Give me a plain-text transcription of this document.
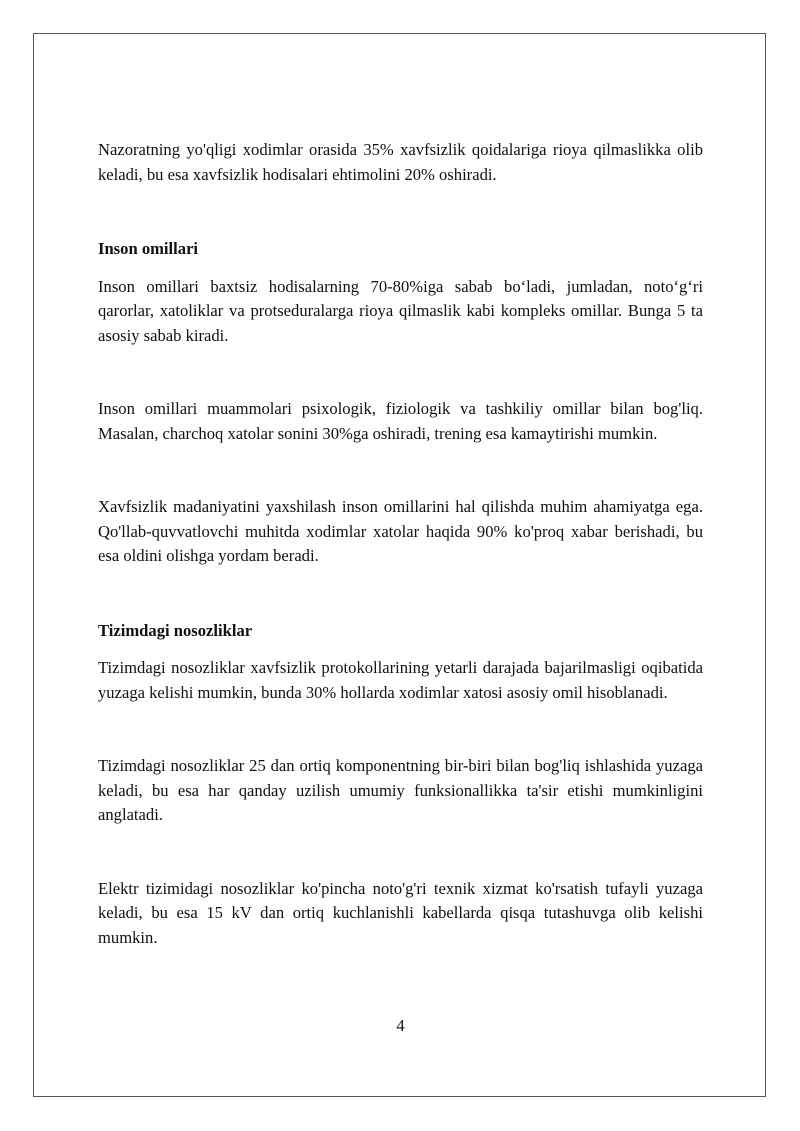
Nazoratning yo'qligi xodimlar orasida 35% xavfsizlik qoidalariga rioya qilmaslikka olib keladi, bu esa xavfsizlik hodisalari ehtimolini 20% oshiradi.

Inson omillari

Inson omillari baxtsiz hodisalarning 70-80%iga sabab bo‘ladi, jumladan, noto‘g‘ri qarorlar, xatoliklar va protseduralarga rioya qilmaslik kabi kompleks omillar. Bunga 5 ta asosiy sabab kiradi.

Inson omillari muammolari psixologik, fiziologik va tashkiliy omillar bilan bog'liq. Masalan, charchoq xatolar sonini 30%ga oshiradi, trening esa kamaytirishi mumkin.

Xavfsizlik madaniyatini yaxshilash inson omillarini hal qilishda muhim ahamiyatga ega. Qo'llab-quvvatlovchi muhitda xodimlar xatolar haqida 90% ko'proq xabar berishadi, bu esa oldini olishga yordam beradi.

Tizimdagi nosozliklar

Tizimdagi nosozliklar xavfsizlik protokollarining yetarli darajada bajarilmasligi oqibatida yuzaga kelishi mumkin, bunda 30% hollarda xodimlar xatosi asosiy omil hisoblanadi.

Tizimdagi nosozliklar 25 dan ortiq komponentning bir-biri bilan bog'liq ishlashida yuzaga keladi, bu esa har qanday uzilish umumiy funksionallikka ta'sir etishi mumkinligini anglatadi.

Elektr tizimidagi nosozliklar ko'pincha noto'g'ri texnik xizmat ko'rsatish tufayli yuzaga keladi, bu esa 15 kV dan ortiq kuchlanishli kabellarda qisqa tutashuvga olib kelishi mumkin.

4
